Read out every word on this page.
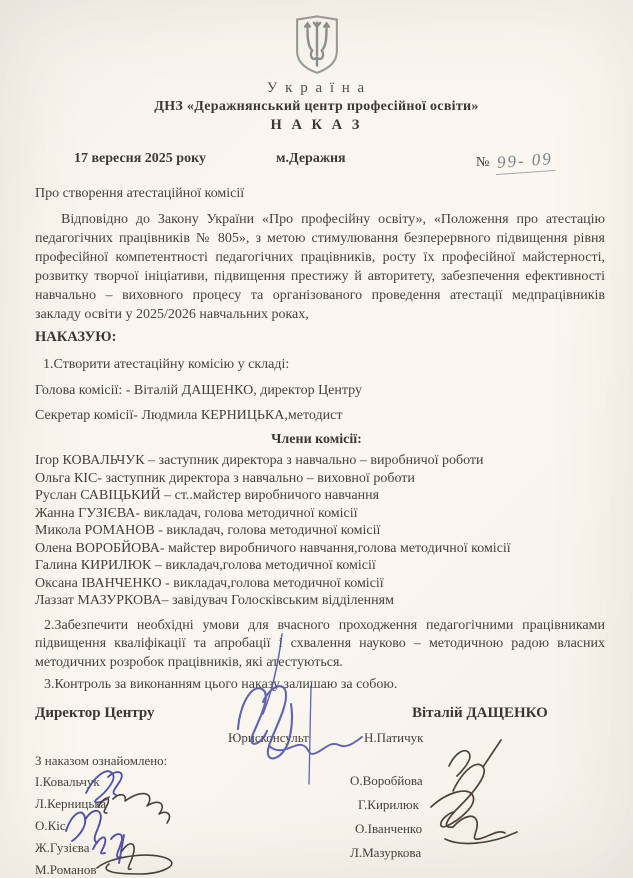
У к р а ї н а
ДНЗ «Деражнянський центр професійної освіти»
Н А К А З
17 вересня 2025 року	м.Деражня	№ 99- 09
Про створення атестаційної комісії
Відповідно до Закону України «Про професійну освіту», «Положення про атестацію педагогічних працівників № 805», з метою стимулювання безперервного підвищення рівня професійної компетентності педагогічних працівників, росту їх професійної майстерності, розвитку творчої ініціативи, підвищення престижу й авторитету, забезпечення ефективності навчально – виховного процесу та організованого проведення атестації медпрацівників закладу освіти у 2025/2026 навчальних роках,
НАКАЗУЮ:
1.Створити атестаційну комісію у складі:
Голова комісії: - Віталій ДАЩЕНКО, директор Центру
Секретар комісії- Людмила КЕРНИЦЬКА,методист
Члени комісії:
Ігор КОВАЛЬЧУК – заступник директора з навчально – виробничої роботи
Ольга КІС- заступник директора з навчально – виховної роботи
Руслан САВІЦЬКИЙ – ст..майстер виробничого навчання
Жанна ГУЗІЄВА- викладач, голова методичної комісії
Микола РОМАНОВ - викладач, голова методичної комісії
Олена ВОРОБЙОВА- майстер виробничого навчання,голова методичної комісії
Галина КИРИЛЮК – викладач,голова методичної комісії
Оксана ІВАНЧЕНКО - викладач,голова методичної комісії
Лаззат МАЗУРКОВА– завідувач Голосківським відділенням
2.Забезпечити необхідні умови для вчасного проходження педагогічними працівниками підвищення кваліфікації та апробації і схвалення науково – методичною радою власних методичних розробок працівників, які атестуються.
3.Контроль за виконанням цього наказу залишаю за собою.
Директор Центру	Віталій ДАЩЕНКО
Юрисконсульт	Н.Патичук
З наказом ознайомлено:
І.Ковальчук
Л.Керницька
О.Кіс
Ж.Гузієва
М.Романов
О.Воробйова
Г.Кирилюк
О.Іванченко
Л.Мазуркова
